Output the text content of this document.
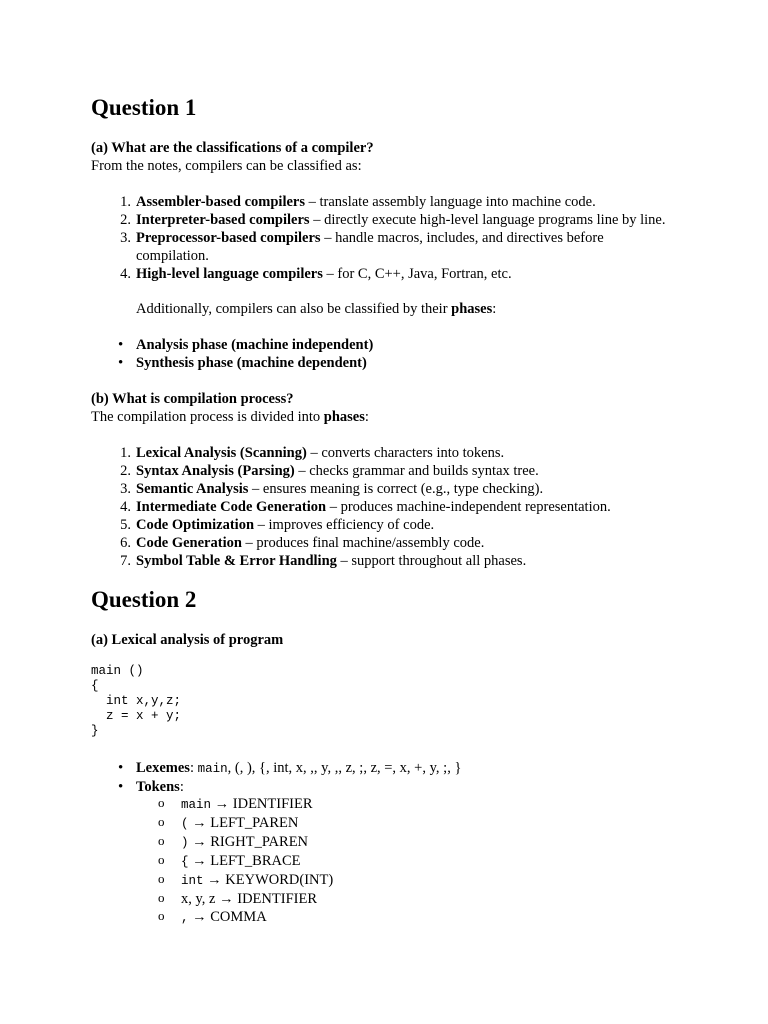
Question 1

(a) What are the classifications of a compiler?

From the notes, compilers can be classified as:

1. Assembler-based compilers – translate assembly language into machine code.
2. Interpreter-based compilers – directly execute high-level language programs line by line.
3. Preprocessor-based compilers – handle macros, includes, and directives before compilation.
4. High-level language compilers – for C, C++, Java, Fortran, etc.

Additionally, compilers can also be classified by their phases:

• Analysis phase (machine independent)
• Synthesis phase (machine dependent)

(b) What is compilation process?

The compilation process is divided into phases:

1. Lexical Analysis (Scanning) – converts characters into tokens.
2. Syntax Analysis (Parsing) – checks grammar and builds syntax tree.
3. Semantic Analysis – ensures meaning is correct (e.g., type checking).
4. Intermediate Code Generation – produces machine-independent representation.
5. Code Optimization – improves efficiency of code.
6. Code Generation – produces final machine/assembly code.
7. Symbol Table & Error Handling – support throughout all phases.
Question 2

(a) Lexical analysis of program

main ()
{
int x,y,z;
z = x + y;
}
• Lexemes: main, (, ), {, int, x, ,, y, ,, z, ;, z, =, x, +, y, ;, }
• Tokens:
o main → IDENTIFIER
o ( → LEFT_PAREN
o ) → RIGHT_PAREN
o { → LEFT_BRACE
o int → KEYWORD(INT)
o x, y, z → IDENTIFIER
o , → COMMA
